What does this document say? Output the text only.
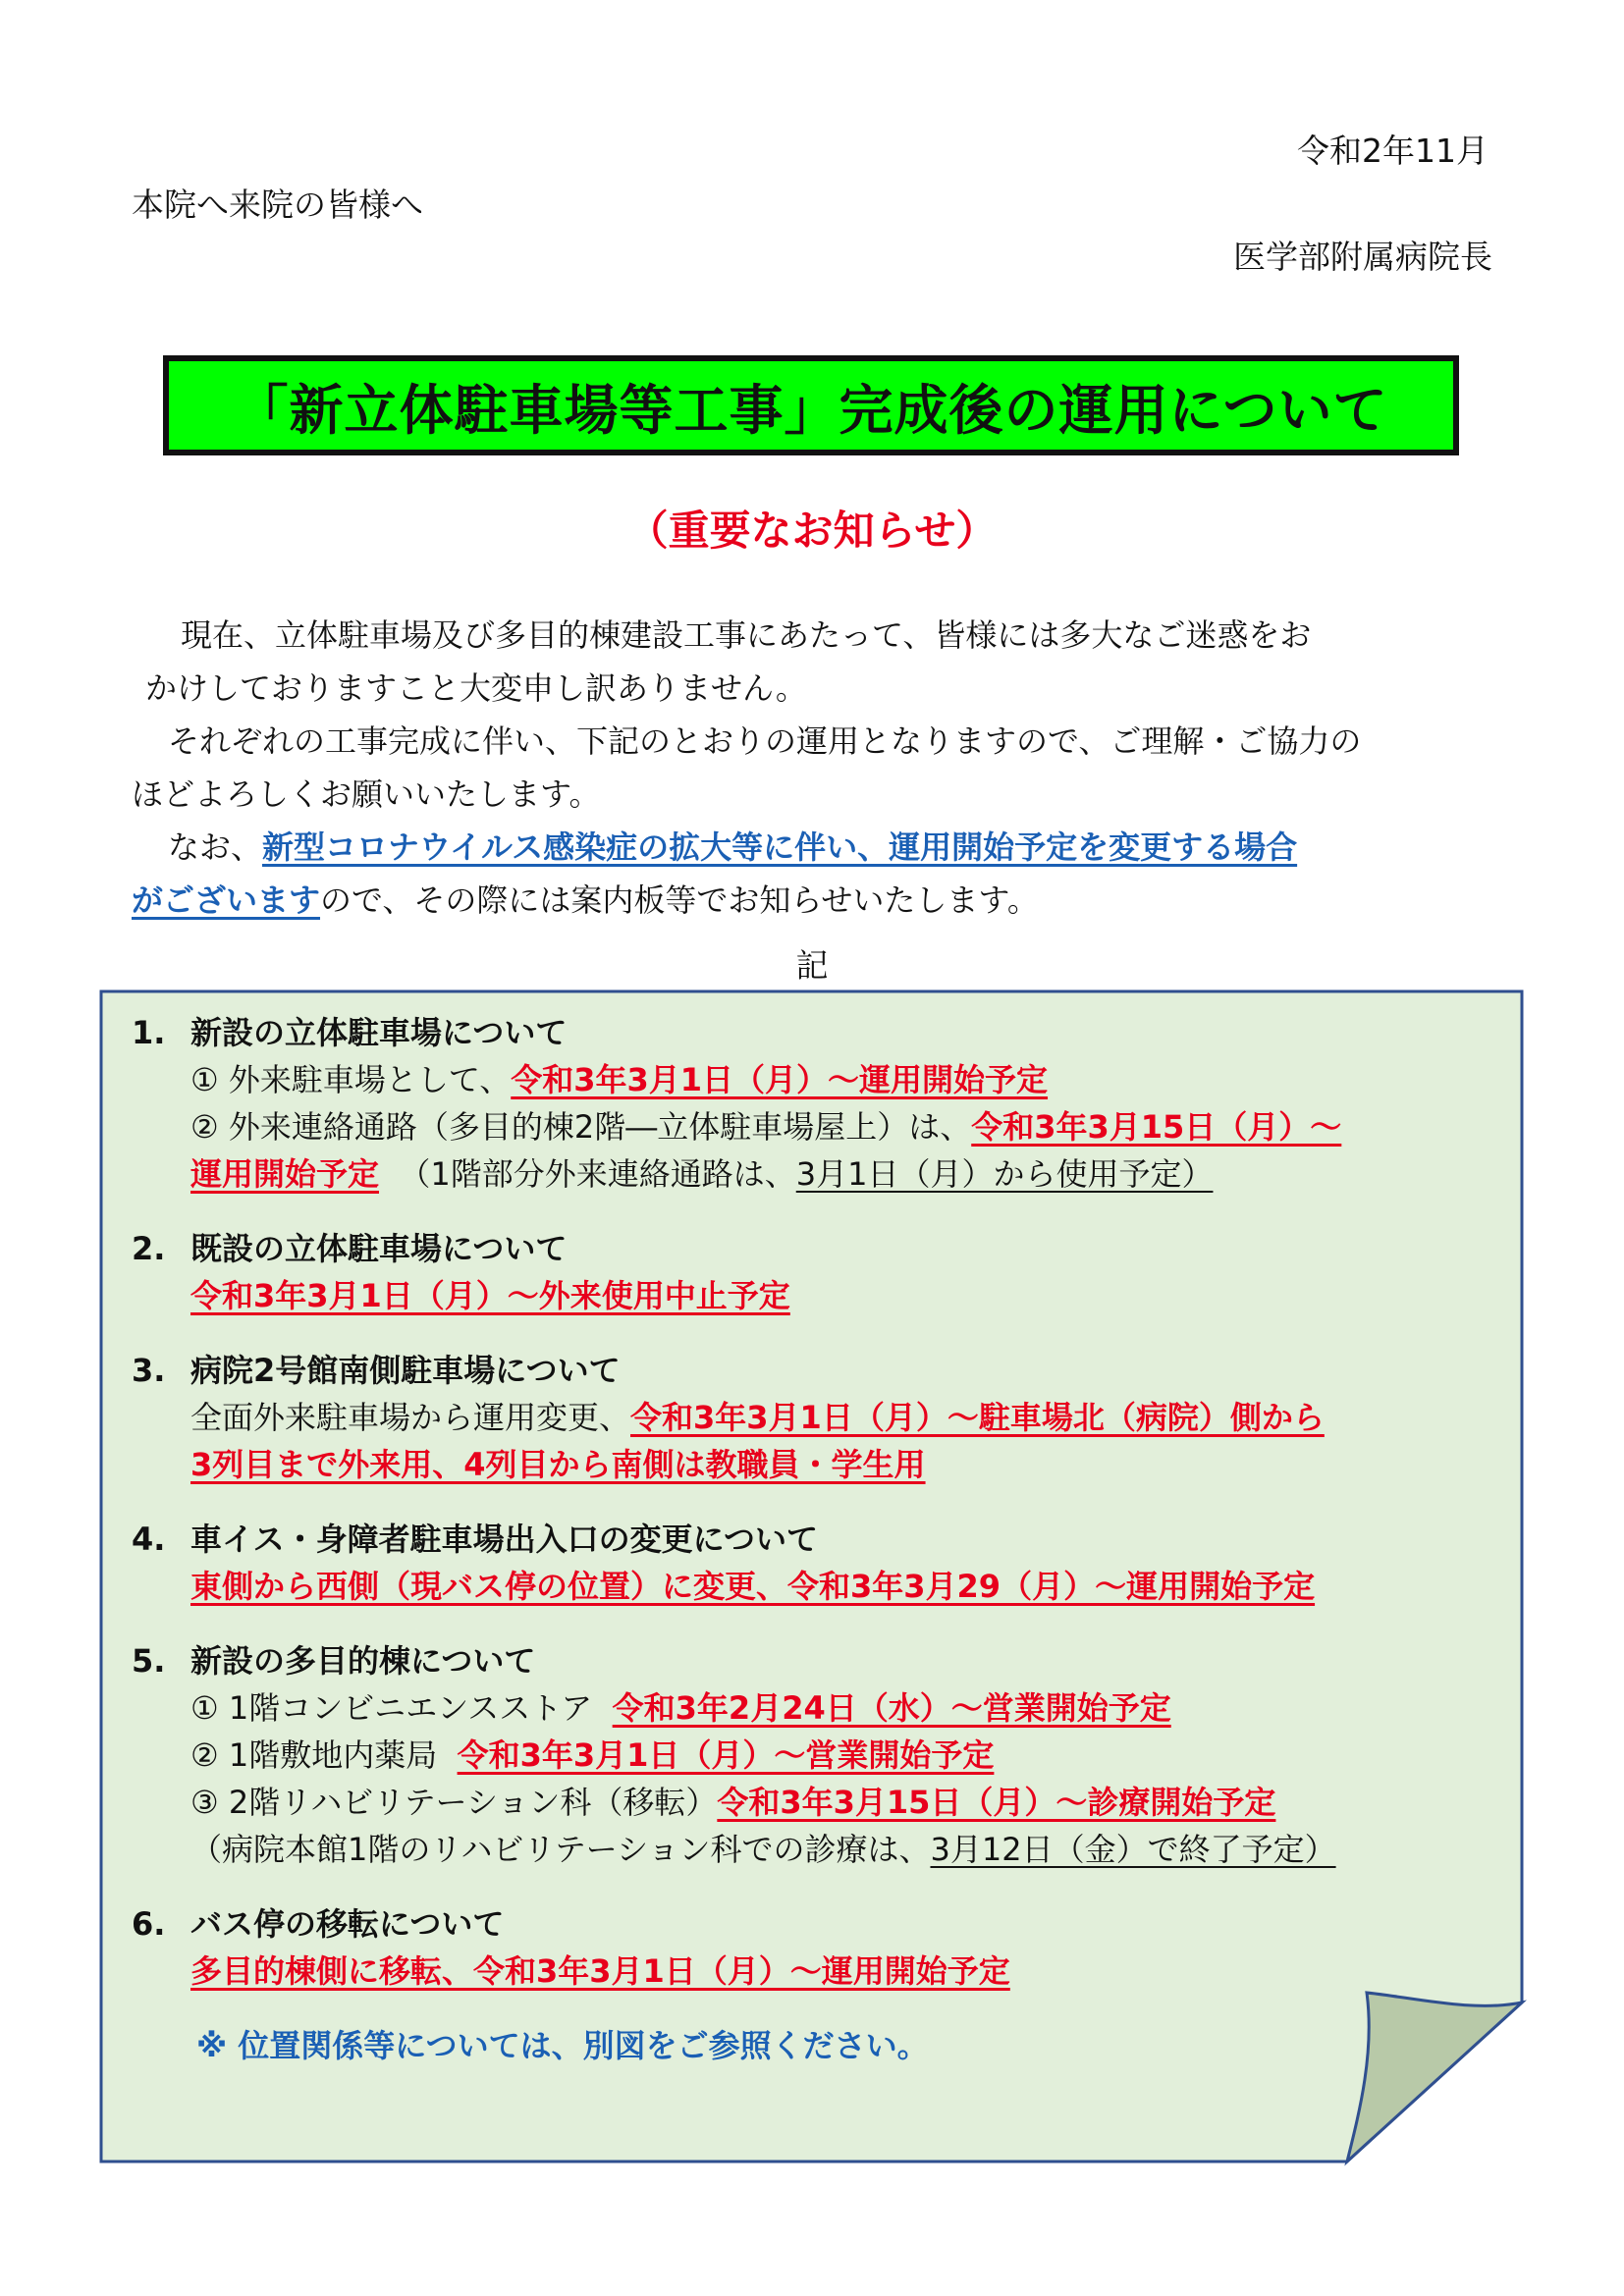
令和2年11月
本院へ来院の皆様へ
医学部附属病院長
「新立体駐車場等工事」完成後の運用について
（重要なお知らせ）

現在、立体駐車場及び多目的棟建設工事にあたって、皆様には多大なご迷惑をお

かけしておりますこと大変申し訳ありません。

それぞれの工事完成に伴い、下記のとおりの運用となりますので、ご理解・ご協力の

ほどよろしくお願いいたします。

なお、新型コロナウイルス感染症の拡大等に伴い、運用開始予定を変更する場合

がございますので、その際には案内板等でお知らせいたします。

記
1. 新設の立体駐車場について
① 外来駐車場として、令和3年3月1日（月）～運用開始予定
② 外来連絡通路（多目的棟2階―立体駐車場屋上）は、令和3年3月15日（月）～
運用開始予定 （1階部分外来連絡通路は、3月1日（月）から使用予定）
2. 既設の立体駐車場について
令和3年3月1日（月）～外来使用中止予定
3. 病院2号館南側駐車場について
全面外来駐車場から運用変更、令和3年3月1日（月）～駐車場北（病院）側から
3列目まで外来用、4列目から南側は教職員・学生用
4. 車イス・身障者駐車場出入口の変更について
東側から西側（現バス停の位置）に変更、令和3年3月29（月）～運用開始予定
5. 新設の多目的棟について
① 1階コンビニエンスストア 令和3年2月24日（水）～営業開始予定
② 1階敷地内薬局 令和3年3月1日（月）～営業開始予定
③ 2階リハビリテーション科（移転）令和3年3月15日（月）～診療開始予定
（病院本館1階のリハビリテーション科での診療は、3月12日（金）で終了予定）
6. バス停の移転について
多目的棟側に移転、令和3年3月1日（月）～運用開始予定
※ 位置関係等については、別図をご参照ください。
